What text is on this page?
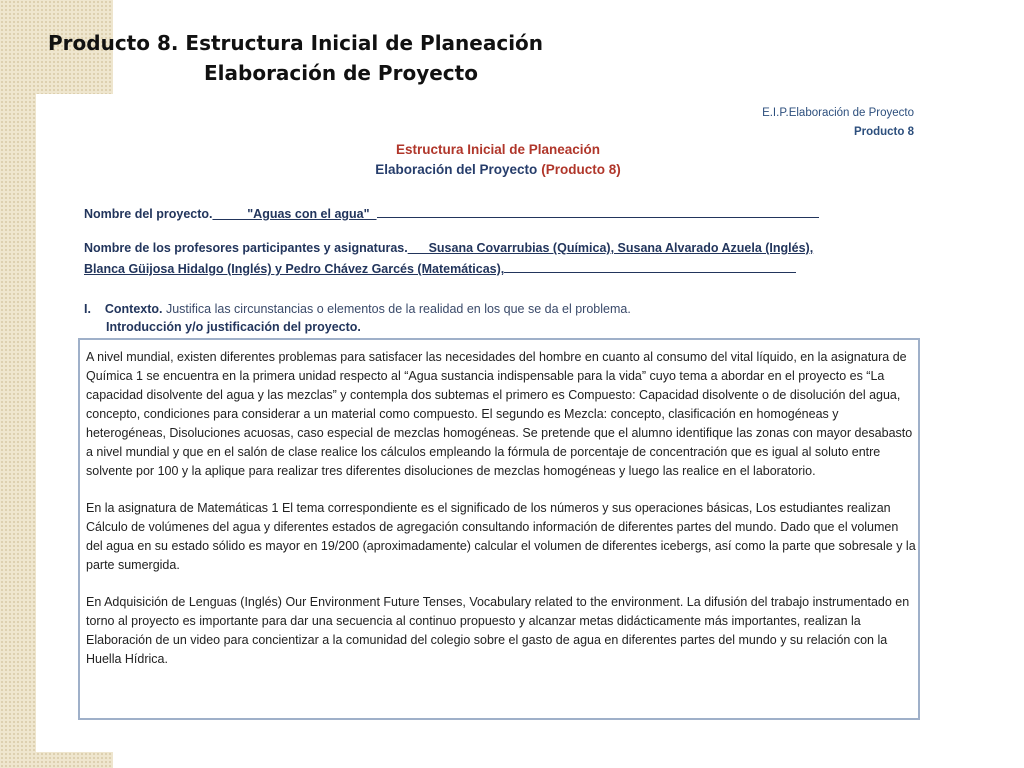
Producto 8. Estructura Inicial de Planeación
Elaboración de Proyecto
E.I.P.Elaboración de Proyecto
Producto 8
Estructura Inicial de Planeación
Elaboración del Proyecto (Producto 8)
Nombre del proyecto._____"Aguas con el agua"_
Nombre de los profesores participantes y asignaturas.___Susana Covarrubias (Química), Susana Alvarado Azuela (Inglés),
Blanca Güijosa Hidalgo (Inglés) y Pedro Chávez Garcés (Matemáticas),
I. Contexto. Justifica las circunstancias o elementos de la realidad en los que se da el problema.
Introducción y/o justificación del proyecto.

A nivel mundial, existen diferentes problemas para satisfacer las necesidades del hombre en cuanto al consumo del vital líquido, en la asignatura de Química 1 se encuentra en la primera unidad respecto al “Agua sustancia indispensable para la vida” cuyo tema a abordar en el proyecto es “La capacidad disolvente del agua y las mezclas” y contempla dos subtemas el primero es Compuesto: Capacidad disolvente o de disolución del agua, concepto, condiciones para considerar a un material como compuesto. El segundo es Mezcla: concepto, clasificación en homogéneas y heterogéneas, Disoluciones acuosas, caso especial de mezclas homogéneas. Se pretende que el alumno identifique las zonas con mayor desabasto a nivel mundial y que en el salón de clase realice los cálculos empleando la fórmula de porcentaje de concentración que es igual al soluto entre solvente por 100 y la aplique para realizar tres diferentes disoluciones de mezclas homogéneas y luego las realice en el laboratorio.

En la asignatura de Matemáticas 1 El tema correspondiente es el significado de los números y sus operaciones básicas, Los estudiantes realizan Cálculo de volúmenes del agua y diferentes estados de agregación consultando información de diferentes partes del mundo. Dado que el volumen del agua en su estado sólido es mayor en 19/200 (aproximadamente) calcular el volumen de diferentes icebergs, así como la parte que sobresale y la parte sumergida.

En Adquisición de Lenguas (Inglés) Our Environment Future Tenses, Vocabulary related to the environment. La difusión del trabajo instrumentado en torno al proyecto es importante para dar una secuencia al continuo propuesto y alcanzar metas didácticamente más importantes, realizan la Elaboración de un video para concientizar a la comunidad del colegio sobre el gasto de agua en diferentes partes del mundo y su relación con la Huella Hídrica.
